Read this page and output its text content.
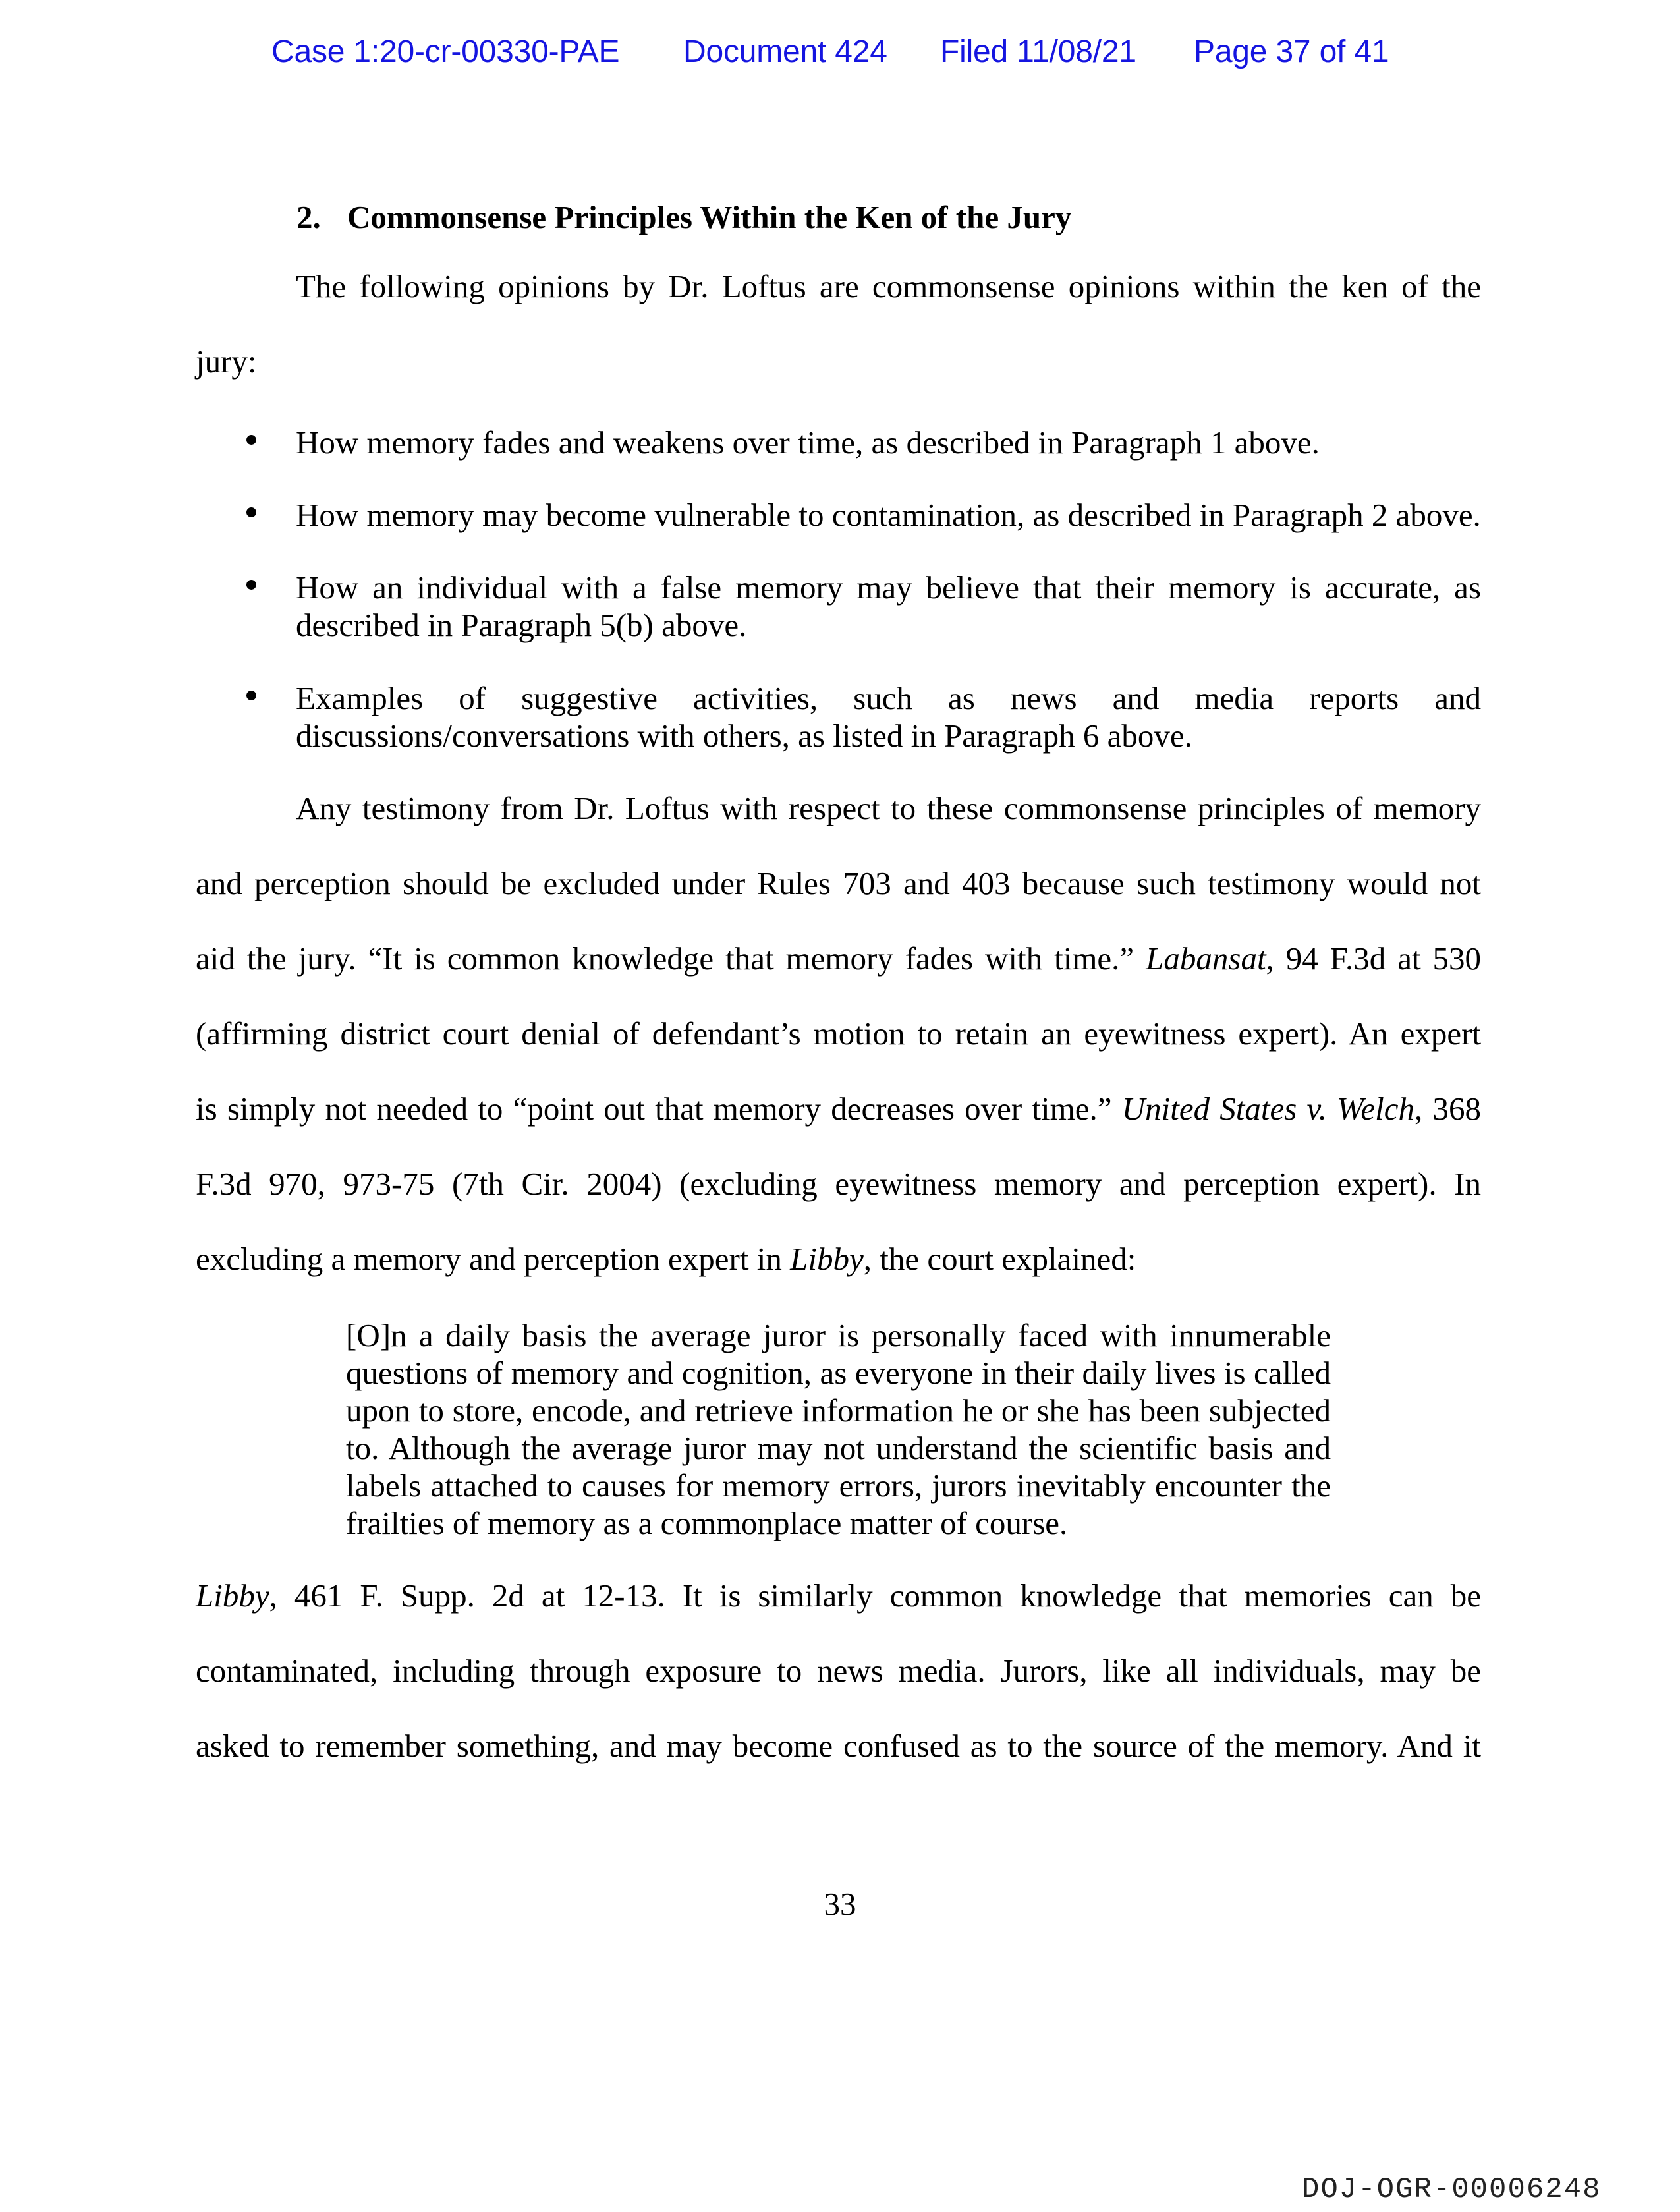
Case 1:20-cr-00330-PAE Document 424 Filed 11/08/21 Page 37 of 41
2. Commonsense Principles Within the Ken of the Jury
The following opinions by Dr. Loftus are commonsense opinions within the ken of the
jury:
How memory fades and weakens over time, as described in Paragraph 1 above.
How memory may become vulnerable to contamination, as described in Paragraph 2 above.
How an individual with a false memory may believe that their memory is accurate, as
described in Paragraph 5(b) above.
Examples of suggestive activities, such as news and media reports and
discussions/conversations with others, as listed in Paragraph 6 above.
Any testimony from Dr. Loftus with respect to these commonsense principles of memory
and perception should be excluded under Rules 703 and 403 because such testimony would not
aid the jury. “It is common knowledge that memory fades with time.” Labansat, 94 F.3d at 530
(affirming district court denial of defendant’s motion to retain an eyewitness expert). An expert
is simply not needed to “point out that memory decreases over time.” United States v. Welch, 368
F.3d 970, 973-75 (7th Cir. 2004) (excluding eyewitness memory and perception expert). In
excluding a memory and perception expert in Libby, the court explained:
[O]n a daily basis the average juror is personally faced with innumerable
questions of memory and cognition, as everyone in their daily lives is called
upon to store, encode, and retrieve information he or she has been subjected
to. Although the average juror may not understand the scientific basis and
labels attached to causes for memory errors, jurors inevitably encounter the
frailties of memory as a commonplace matter of course.
Libby, 461 F. Supp. 2d at 12-13. It is similarly common knowledge that memories can be
contaminated, including through exposure to news media. Jurors, like all individuals, may be
asked to remember something, and may become confused as to the source of the memory. And it
33
DOJ-OGR-00006248
